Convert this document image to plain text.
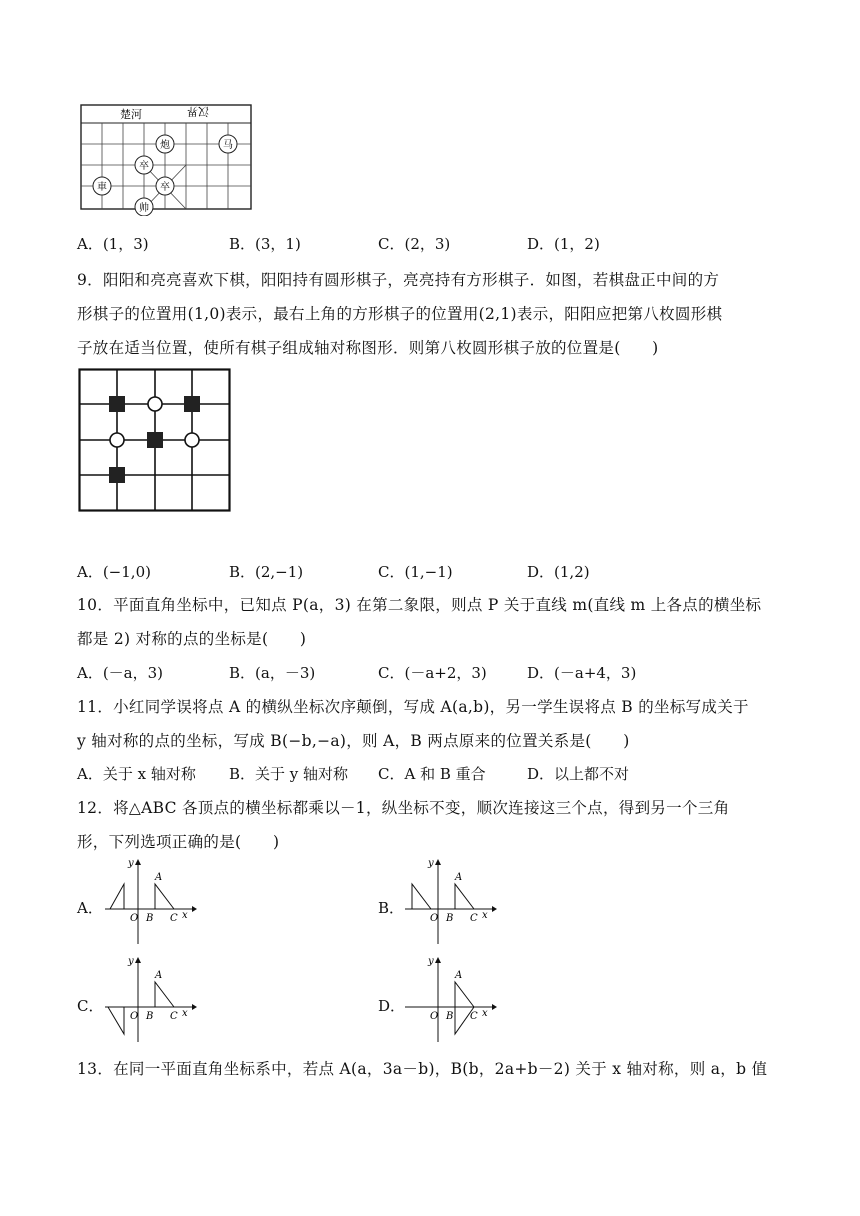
楚河	汉界
炮	马
卒
卒
車
帅
A．(1，3)	B．(3，1)	C．(2，3)	D．(1，2)
9．阳阳和亮亮喜欢下棋，阳阳持有圆形棋子，亮亮持有方形棋子．如图，若棋盘正中间的方
形棋子的位置用(1,0)表示，最右上角的方形棋子的位置用(2,1)表示，阳阳应把第八枚圆形棋
子放在适当位置，使所有棋子组成轴对称图形．则第八枚圆形棋子放的位置是(　　)
A．(−1,0)	B．(2,−1)	C．(1,−1)	D．(1,2)
10．平面直角坐标中，已知点 P(a，3) 在第二象限，则点 P 关于直线 m(直线 m 上各点的横坐标
都是 2) 对称的点的坐标是(　　)
A．(－a，3)	B．(a，－3)	C．(－a+2，3)	D．(－a+4，3)
11．小红同学误将点 A 的横纵坐标次序颠倒，写成 A(a,b)，另一学生误将点 B 的坐标写成关于
y 轴对称的点的坐标，写成 B(−b,−a)，则 A，B 两点原来的位置关系是(　　)
A．关于 x 轴对称 B．关于 y 轴对称 C．A 和 B 重合	D．以上都不对
12．将△ABC 各顶点的横坐标都乘以－1，纵坐标不变，顺次连接这三个点，得到另一个三角
形，下列选项正确的是(　　)
A．	B．
C．	D．
y
x
O
A
B C
y
x
O
A
B C
y
x
O
A
B C
y
x
O
A
B C
13．在同一平面直角坐标系中，若点 A(a，3a－b)，B(b，2a+b－2) 关于 x 轴对称，则 a，b 值
